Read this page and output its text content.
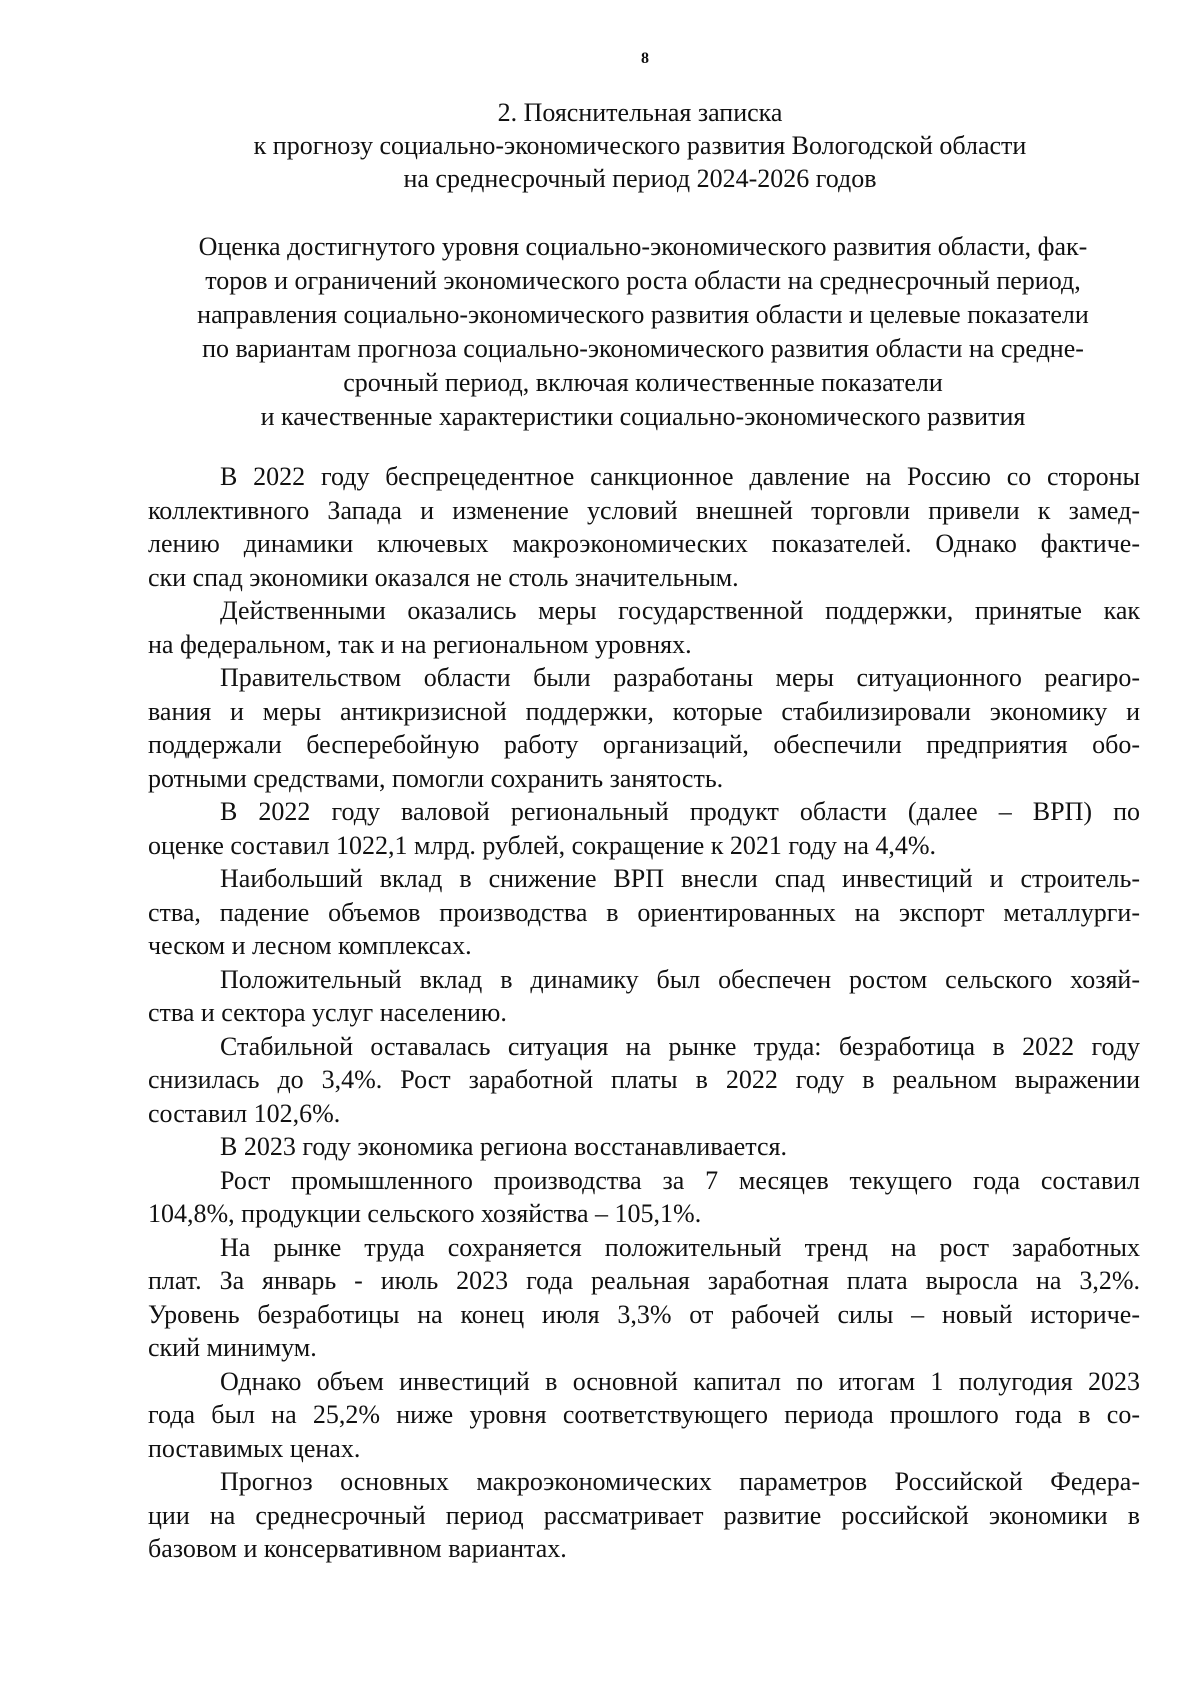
8
2. Пояснительная записка
к прогнозу социально-экономического развития Вологодской области
на среднесрочный период 2024-2026 годов
Оценка достигнутого уровня социально-экономического развития области, фак-
торов и ограничений экономического роста области на среднесрочный период,
направления социально-экономического развития области и целевые показатели
по вариантам прогноза социально-экономического развития области на средне-
срочный период, включая количественные показатели
и качественные характеристики социально-экономического развития
В 2022 году беспрецедентное санкционное давление на Россию со стороны
коллективного Запада и изменение условий внешней торговли привели к замед-
лению динамики ключевых макроэкономических показателей. Однако фактиче-
ски спад экономики оказался не столь значительным.
Действенными оказались меры государственной поддержки, принятые как
на федеральном, так и на региональном уровнях.
Правительством области были разработаны меры ситуационного реагиро-
вания и меры антикризисной поддержки, которые стабилизировали экономику и
поддержали бесперебойную работу организаций, обеспечили предприятия обо-
ротными средствами, помогли сохранить занятость.
В 2022 году валовой региональный продукт области (далее – ВРП) по
оценке составил 1022,1 млрд. рублей, сокращение к 2021 году на 4,4%.
Наибольший вклад в снижение ВРП внесли спад инвестиций и строитель-
ства, падение объемов производства в ориентированных на экспорт металлурги-
ческом и лесном комплексах.
Положительный вклад в динамику был обеспечен ростом сельского хозяй-
ства и сектора услуг населению.
Стабильной оставалась ситуация на рынке труда: безработица в 2022 году
снизилась до 3,4%. Рост заработной платы в 2022 году в реальном выражении
составил 102,6%.
В 2023 году экономика региона восстанавливается.
Рост промышленного производства за 7 месяцев текущего года составил
104,8%, продукции сельского хозяйства – 105,1%.
На рынке труда сохраняется положительный тренд на рост заработных
плат. За январь - июль 2023 года реальная заработная плата выросла на 3,2%.
Уровень безработицы на конец июля 3,3% от рабочей силы – новый историче-
ский минимум.
Однако объем инвестиций в основной капитал по итогам 1 полугодия 2023
года был на 25,2% ниже уровня соответствующего периода прошлого года в со-
поставимых ценах.
Прогноз основных макроэкономических параметров Российской Федера-
ции на среднесрочный период рассматривает развитие российской экономики в
базовом и консервативном вариантах.
